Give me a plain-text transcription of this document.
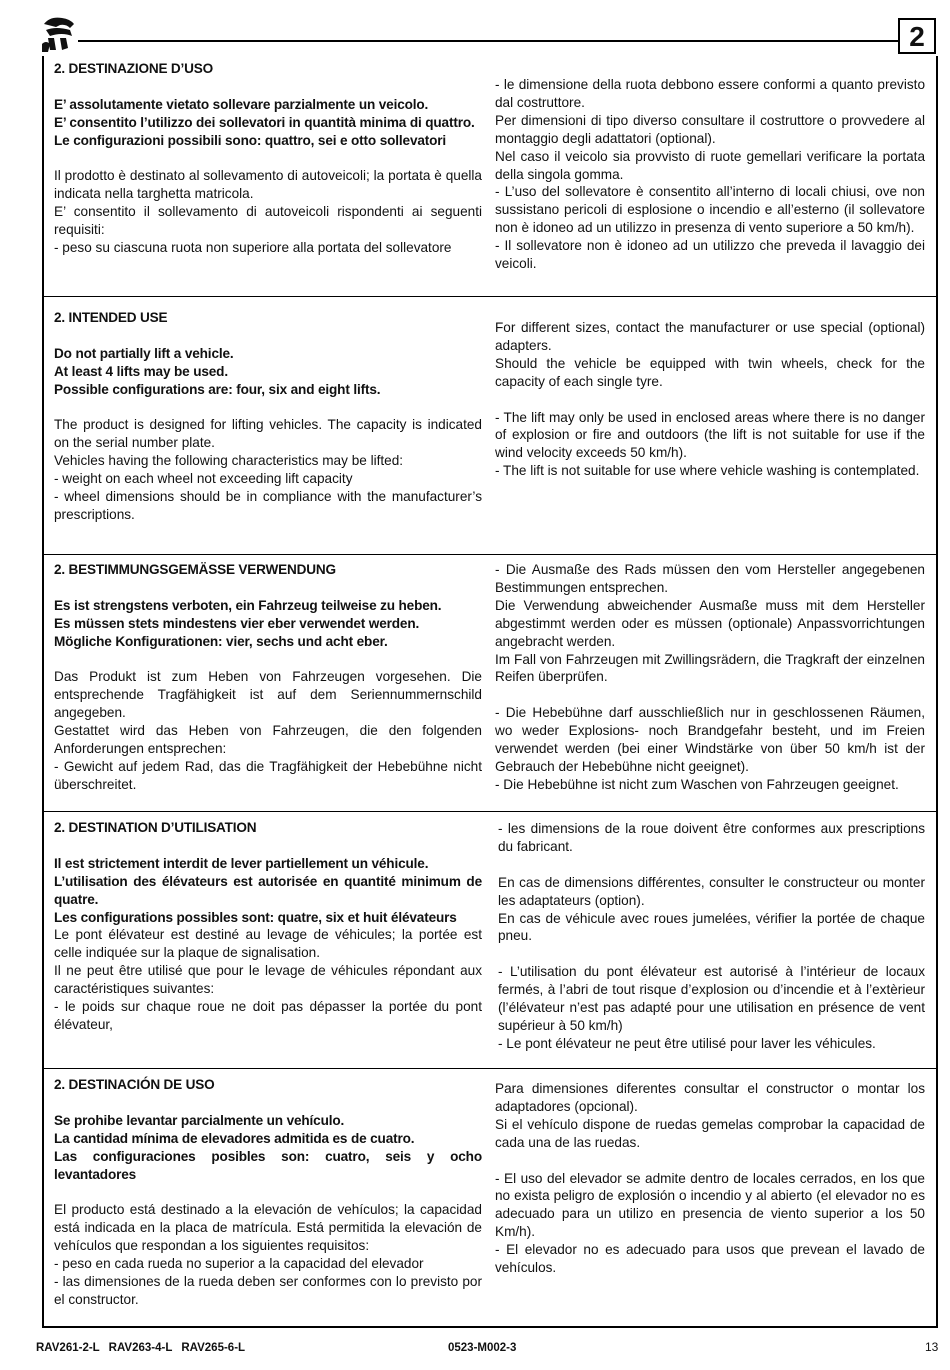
2
2. DESTINAZIONE D’USO

E’ assolutamente vietato sollevare parzialmente un veicolo.

E’ consentito l’utilizzo dei sollevatori in quantità minima di quattro.

Le configurazioni possibili sono: quattro, sei e otto sollevatori

Il prodotto è destinato al sollevamento di autoveicoli; la portata è quella indicata nella targhetta matricola.

E’ consentito il sollevamento di autoveicoli rispondenti ai seguenti requisiti:

- peso su ciascuna ruota non superiore alla portata del sollevatore

- le dimensione della ruota debbono essere conformi a quanto previsto dal costruttore.

Per dimensioni di tipo diverso consultare il costruttore o provvedere al montaggio degli adattatori (optional).

Nel caso il veicolo sia provvisto di ruote gemellari verificare la portata della singola gomma.

- L’uso del sollevatore è consentito all’interno di locali chiusi, ove non sussistano pericoli di esplosione o incendio e all’esterno (il sollevatore non è idoneo ad un utilizzo in presenza di vento superiore a 50 km/h).

- Il sollevatore non è idoneo ad un utilizzo che preveda il lavaggio dei veicoli.

2. INTENDED USE

Do not partially lift a vehicle.

At least 4 lifts may be used.

Possible configurations are: four, six and eight lifts.

The product is designed for lifting vehicles. The capacity is indicated on the serial number plate.

Vehicles having the following characteristics may be lifted:

- weight on each wheel not exceeding lift capacity

- wheel dimensions should be in compliance with the manufacturer’s prescriptions.

For different sizes, contact the manufacturer or use special (optional) adapters.

Should the vehicle be equipped with twin wheels, check for the capacity of each single tyre.

- The lift may only be used in enclosed areas where there is no danger of explosion or fire and outdoors (the lift is not suitable for use if the wind velocity exceeds 50 km/h).

- The lift is not suitable for use where vehicle washing is contemplated.

2. BESTIMMUNGSGEMÄSSE VERWENDUNG

Es ist strengstens verboten, ein Fahrzeug teilweise zu heben.

Es müssen stets mindestens vier eber verwendet werden.

Mögliche Konfigurationen: vier, sechs und acht eber.

Das Produkt ist zum Heben von Fahrzeugen vorgesehen. Die entsprechende Tragfähigkeit ist auf dem Seriennummernschild angegeben.

Gestattet wird das Heben von Fahrzeugen, die den folgenden Anforderungen entsprechen:

- Gewicht auf jedem Rad, das die Tragfähigkeit der Hebebühne nicht überschreitet.

- Die Ausmaße des Rads müssen den vom Hersteller angegebenen Bestimmungen entsprechen.

Die Verwendung abweichender Ausmaße muss mit dem Hersteller abgestimmt werden oder es müssen (optionale) Anpassvorrichtungen angebracht werden.

Im Fall von Fahrzeugen mit Zwillingsrädern, die Tragkraft der einzelnen Reifen überprüfen.

- Die Hebebühne darf ausschließlich nur in geschlossenen Räumen, wo weder Explosions- noch Brandgefahr besteht, und im Freien verwendet werden (bei einer Windstärke von über 50 km/h ist der Gebrauch der Hebebühne nicht geeignet).

- Die Hebebühne ist nicht zum Waschen von Fahrzeugen geeignet.

2. DESTINATION D’UTILISATION

Il est strictement interdit de lever partiellement un véhicule.

L’utilisation des élévateurs est autorisée en quantité minimum de quatre.

Les configurations possibles sont: quatre, six et huit élévateurs

Le pont élévateur est destiné au levage de véhicules; la portée est celle indiquée sur la plaque de signalisation.

Il ne peut être utilisé que pour le levage de véhicules répondant aux caractéristiques suivantes:

- le poids sur chaque roue ne doit pas dépasser la portée du pont élévateur,

- les dimensions de la roue doivent être conformes aux prescriptions du fabricant.

En cas de dimensions différentes, consulter le constructeur ou monter les adaptateurs (option).

En cas de véhicule avec roues jumelées, vérifier la portée de chaque pneu.

- L’utilisation du pont élévateur est autorisé à l’intérieur de locaux fermés, à l’abri de tout risque d’explosion ou d’incendie et à l’extèrieur (l’élévateur n’est pas adapté pour une utilisation en présence de vent supérieur à 50 km/h)

- Le pont élévateur ne peut être utilisé pour laver les véhicules.

2. DESTINACIÓN DE USO

Se prohibe levantar parcialmente un vehículo.

La cantidad mínima de elevadores admitida es de cuatro.

Las configuraciones posibles son: cuatro, seis y ocho levantadores

El producto está destinado a la elevación de vehículos; la capacidad está indicada en la placa de matrícula. Está permitida la elevación de vehículos que respondan a los siguientes requisitos:

- peso en cada rueda no superior a la capacidad del elevador

- las dimensiones de la rueda deben ser conformes con lo previsto por el constructor.

Para dimensiones diferentes consultar el constructor o montar los adaptadores (opcional).

Si el vehículo dispone de ruedas gemelas comprobar la capacidad de cada una de las ruedas.

- El uso del elevador se admite dentro de locales cerrados, en los que no exista peligro de explosión o incendio y al abierto (el elevador no es adecuado para un utilizo en presencia de viento superior a los 50 Km/h).

- El elevador no es adecuado para usos que prevean el lavado de vehículos.

RAV261-2-L RAV263-4-L RAV265-6-L	0523-M002-3	13
